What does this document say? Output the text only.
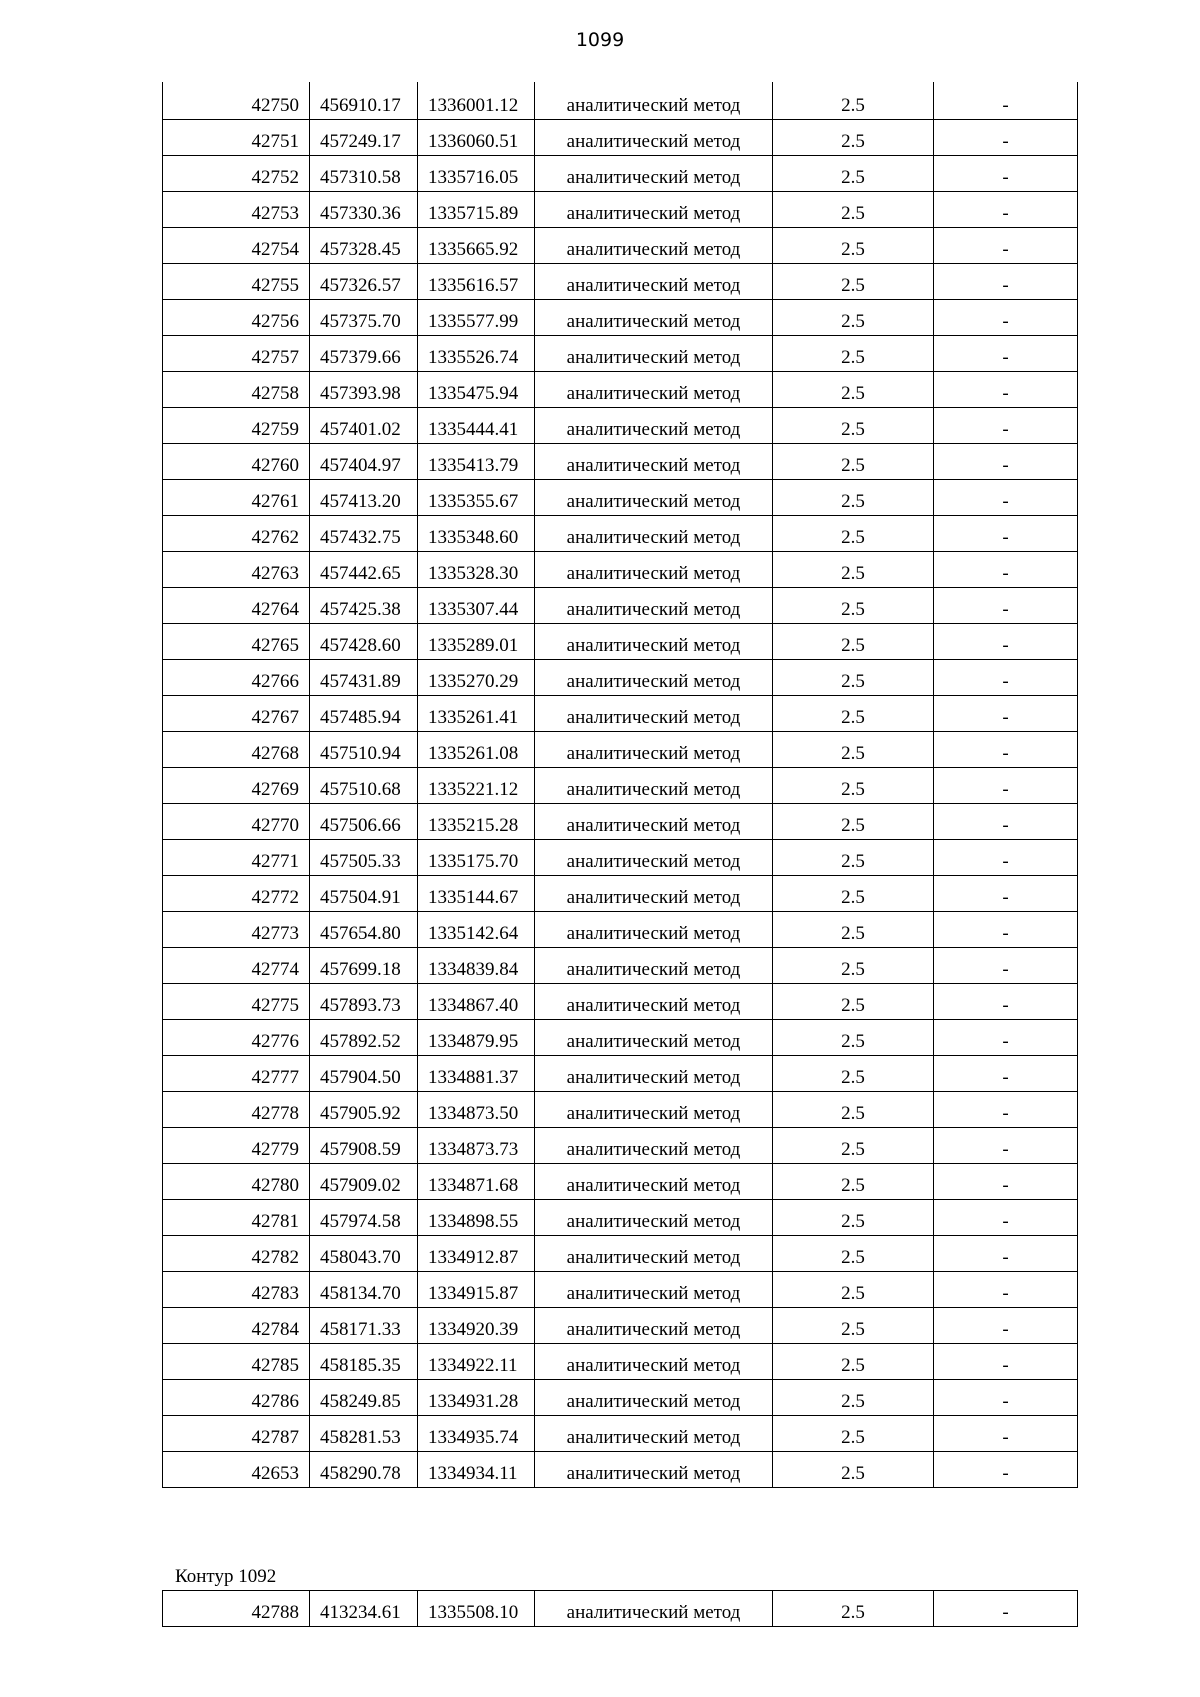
1099
42750	456910.17	1336001.12	аналитический метод	2.5	-
42751	457249.17	1336060.51	аналитический метод	2.5	-
42752	457310.58	1335716.05	аналитический метод	2.5	-
42753	457330.36	1335715.89	аналитический метод	2.5	-
42754	457328.45	1335665.92	аналитический метод	2.5	-
42755	457326.57	1335616.57	аналитический метод	2.5	-
42756	457375.70	1335577.99	аналитический метод	2.5	-
42757	457379.66	1335526.74	аналитический метод	2.5	-
42758	457393.98	1335475.94	аналитический метод	2.5	-
42759	457401.02	1335444.41	аналитический метод	2.5	-
42760	457404.97	1335413.79	аналитический метод	2.5	-
42761	457413.20	1335355.67	аналитический метод	2.5	-
42762	457432.75	1335348.60	аналитический метод	2.5	-
42763	457442.65	1335328.30	аналитический метод	2.5	-
42764	457425.38	1335307.44	аналитический метод	2.5	-
42765	457428.60	1335289.01	аналитический метод	2.5	-
42766	457431.89	1335270.29	аналитический метод	2.5	-
42767	457485.94	1335261.41	аналитический метод	2.5	-
42768	457510.94	1335261.08	аналитический метод	2.5	-
42769	457510.68	1335221.12	аналитический метод	2.5	-
42770	457506.66	1335215.28	аналитический метод	2.5	-
42771	457505.33	1335175.70	аналитический метод	2.5	-
42772	457504.91	1335144.67	аналитический метод	2.5	-
42773	457654.80	1335142.64	аналитический метод	2.5	-
42774	457699.18	1334839.84	аналитический метод	2.5	-
42775	457893.73	1334867.40	аналитический метод	2.5	-
42776	457892.52	1334879.95	аналитический метод	2.5	-
42777	457904.50	1334881.37	аналитический метод	2.5	-
42778	457905.92	1334873.50	аналитический метод	2.5	-
42779	457908.59	1334873.73	аналитический метод	2.5	-
42780	457909.02	1334871.68	аналитический метод	2.5	-
42781	457974.58	1334898.55	аналитический метод	2.5	-
42782	458043.70	1334912.87	аналитический метод	2.5	-
42783	458134.70	1334915.87	аналитический метод	2.5	-
42784	458171.33	1334920.39	аналитический метод	2.5	-
42785	458185.35	1334922.11	аналитический метод	2.5	-
42786	458249.85	1334931.28	аналитический метод	2.5	-
42787	458281.53	1334935.74	аналитический метод	2.5	-
42653	458290.78	1334934.11	аналитический метод	2.5	-
Контур 1092
42788	413234.61	1335508.10	аналитический метод	2.5	-
